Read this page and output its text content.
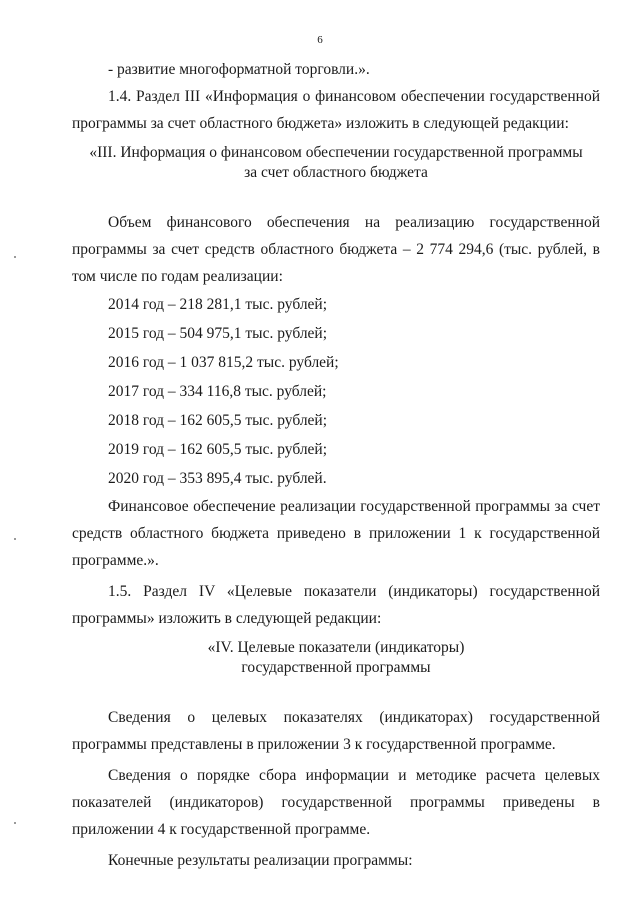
6

- развитие многоформатной торговли.».

1.4. Раздел III «Информация о финансовом обеспечении государственной программы за счет областного бюджета» изложить в следующей редакции:

«III. Информация о финансовом обеспечении государственной программы
за счет областного бюджета

Объем финансового обеспечения на реализацию государственной программы за счет средств областного бюджета – 2 774 294,6 (тыс. рублей, в том числе по годам реализации:

2014 год – 218 281,1 тыс. рублей;
2015 год – 504 975,1 тыс. рублей;
2016 год – 1 037 815,2 тыс. рублей;
2017 год – 334 116,8 тыс. рублей;
2018 год – 162 605,5 тыс. рублей;
2019 год – 162 605,5 тыс. рублей;
2020 год – 353 895,4 тыс. рублей.

Финансовое обеспечение реализации государственной программы за счет средств областного бюджета приведено в приложении 1 к государственной программе.».

1.5. Раздел IV «Целевые показатели (индикаторы) государственной программы» изложить в следующей редакции:

«IV. Целевые показатели (индикаторы)
государственной программы

Сведения о целевых показателях (индикаторах) государственной программы представлены в приложении 3 к государственной программе.

Сведения о порядке сбора информации и методике расчета целевых показателей (индикаторов) государственной программы приведены в приложении 4 к государственной программе.

Конечные результаты реализации программы:
